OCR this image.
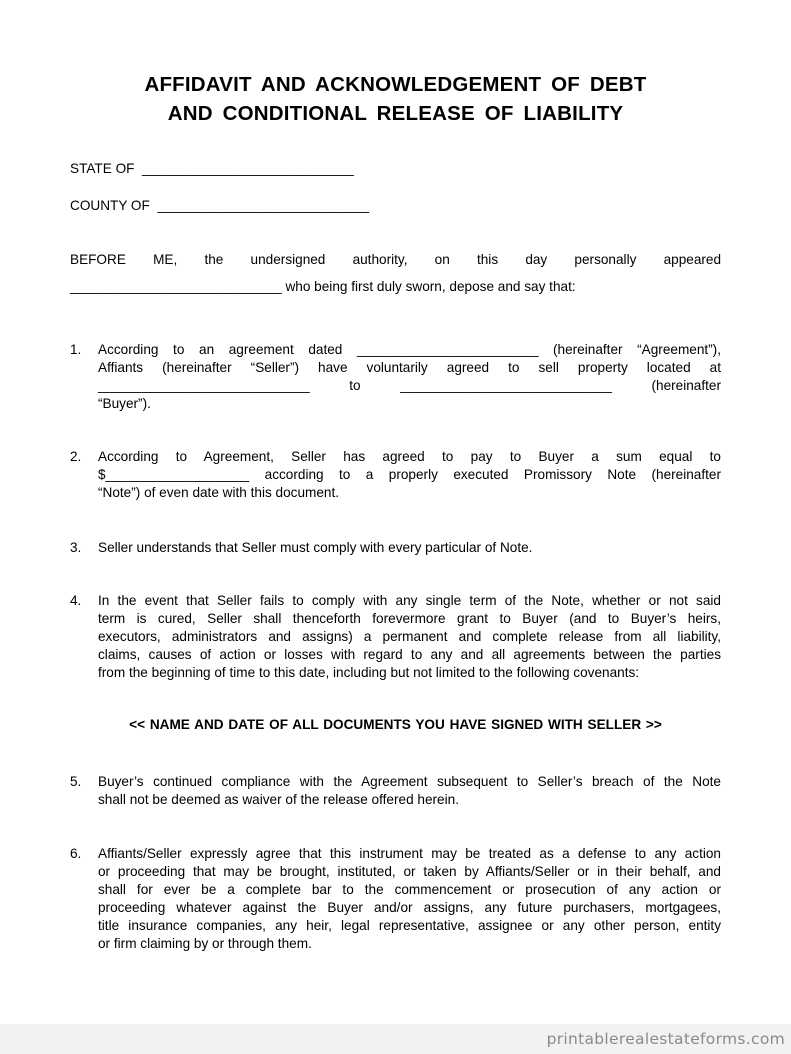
AFFIDAVIT AND ACKNOWLEDGEMENT OF DEBT
AND CONDITIONAL RELEASE OF LIABILITY
STATE OF  ____________________________
COUNTY OF  ____________________________
BEFORE ME, the undersigned authority, on this day personally appeared
____________________________ who being first duly sworn, depose and say that:
1. According to an agreement dated ________________________ (hereinafter “Agreement”),
Affiants (hereinafter “Seller”) have voluntarily agreed to sell property located at
____________________________ to ____________________________ (hereinafter
“Buyer”).
2. According to Agreement, Seller has agreed to pay to Buyer a sum equal to
$___________________ according to a properly executed Promissory Note (hereinafter
“Note”) of even date with this document.
3. Seller understands that Seller must comply with every particular of Note.
4. In the event that Seller fails to comply with any single term of the Note, whether or not said
term is cured, Seller shall thenceforth forevermore grant to Buyer (and to Buyer’s heirs,
executors, administrators and assigns) a permanent and complete release from all liability,
claims, causes of action or losses with regard to any and all agreements between the parties
from the beginning of time to this date, including but not limited to the following covenants:
<< NAME AND DATE OF ALL DOCUMENTS YOU HAVE SIGNED WITH SELLER >>
5. Buyer’s continued compliance with the Agreement subsequent to Seller’s breach of the Note
shall not be deemed as waiver of the release offered herein.
6. Affiants/Seller expressly agree that this instrument may be treated as a defense to any action
or proceeding that may be brought, instituted, or taken by Affiants/Seller or in their behalf, and
shall for ever be a complete bar to the commencement or prosecution of any action or
proceeding whatever against the Buyer and/or assigns, any future purchasers, mortgagees,
title insurance companies, any heir, legal representative, assignee or any other person, entity
or firm claiming by or through them.
printablerealestateforms.com
